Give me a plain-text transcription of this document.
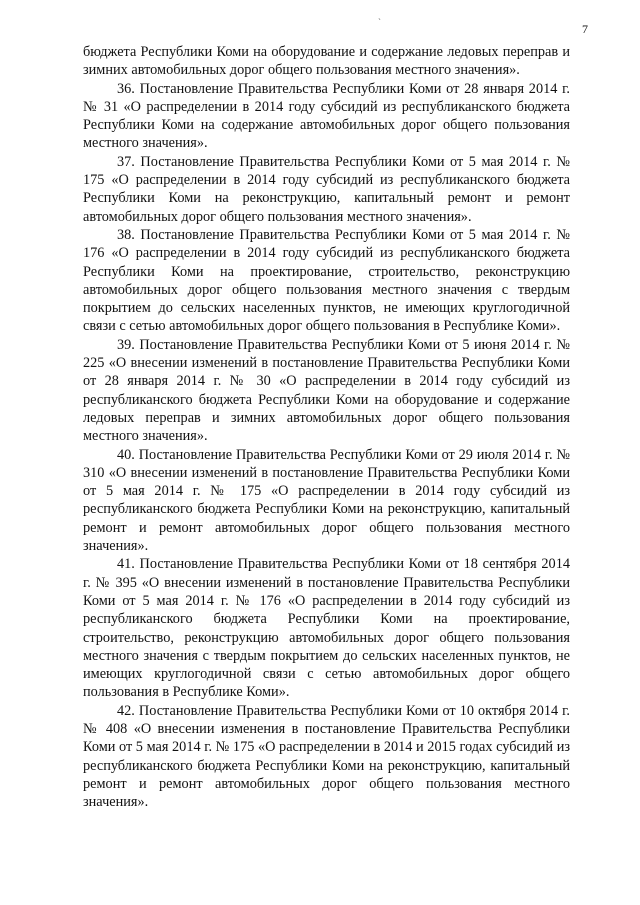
ˎ
7

бюджета Республики Коми на оборудование и содержание ледовых переправ и зимних автомобильных дорог общего пользования местного значения».

36. Постановление Правительства Республики Коми от 28 января 2014 г. № 31 «О распределении в 2014 году субсидий из республиканского бюджета Республики Коми на содержание автомобильных дорог общего пользования местного значения».

37. Постановление Правительства Республики Коми от 5 мая 2014 г. № 175 «О распределении в 2014 году субсидий из республиканского бюджета Республики Коми на реконструкцию, капитальный ремонт и ремонт автомобильных дорог общего пользования местного значения».

38. Постановление Правительства Республики Коми от 5 мая 2014 г. № 176 «О распределении в 2014 году субсидий из республиканского бюджета Республики Коми на проектирование, строительство, реконструкцию автомобильных дорог общего пользования местного значения с твердым покрытием до сельских населенных пунктов, не имеющих круглогодичной связи с сетью автомобильных дорог общего пользования в Республике Коми».

39. Постановление Правительства Республики Коми от 5 июня 2014 г. № 225 «О внесении изменений в постановление Правительства Республики Коми от 28 января 2014 г. № 30 «О распределении в 2014 году субсидий из республиканского бюджета Республики Коми на оборудование и содержание ледовых переправ и зимних автомобильных дорог общего пользования местного значения».

40. Постановление Правительства Республики Коми от 29 июля 2014 г. № 310 «О внесении изменений в постановление Правительства Республики Коми от 5 мая 2014 г. № 175 «О распределении в 2014 году субсидий из республиканского бюджета Республики Коми на реконструкцию, капитальный ремонт и ремонт автомобильных дорог общего пользования местного значения».

41. Постановление Правительства Республики Коми от 18 сентября 2014 г. № 395 «О внесении изменений в постановление Правительства Республики Коми от 5 мая 2014 г. № 176 «О распределении в 2014 году субсидий из республиканского бюджета Республики Коми на проектирование, строительство, реконструкцию автомобильных дорог общего пользования местного значения с твердым покрытием до сельских населенных пунктов, не имеющих круглогодичной связи с сетью автомобильных дорог общего пользования в Республике Коми».

42. Постановление Правительства Республики Коми от 10 октября 2014 г. № 408 «О внесении изменения в постановление Правительства Республики Коми от 5 мая 2014 г. № 175 «О распределении в 2014 и 2015 годах субсидий из республиканского бюджета Республики Коми на реконструкцию, капитальный ремонт и ремонт автомобильных дорог общего пользования местного значения».
